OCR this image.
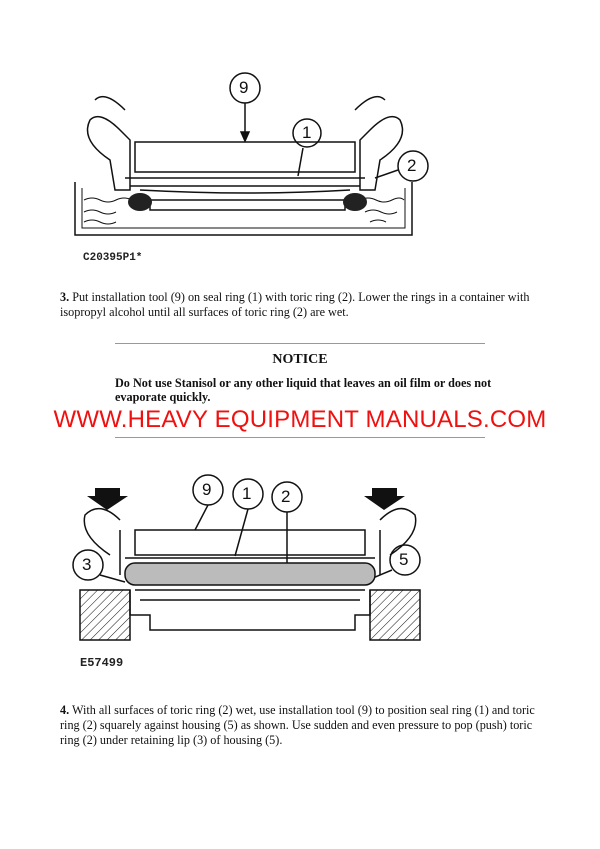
9
1
2
C20395P1*

3. Put installation tool (9) on seal ring (1) with toric ring (2). Lower the rings in a container with isopropyl alcohol until all surfaces of toric ring (2) are wet.

NOTICE
Do Not use Stanisol or any other liquid that leaves an oil film or does not evaporate quickly.
WWW.HEAVY EQUIPMENT MANUALS.COM
9 1 2
3	5
E57499

4. With all surfaces of toric ring (2) wet, use installation tool (9) to position seal ring (1) and toric ring (2) squarely against housing (5) as shown. Use sudden and even pressure to pop (push) toric ring (2) under retaining lip (3) of housing (5).
